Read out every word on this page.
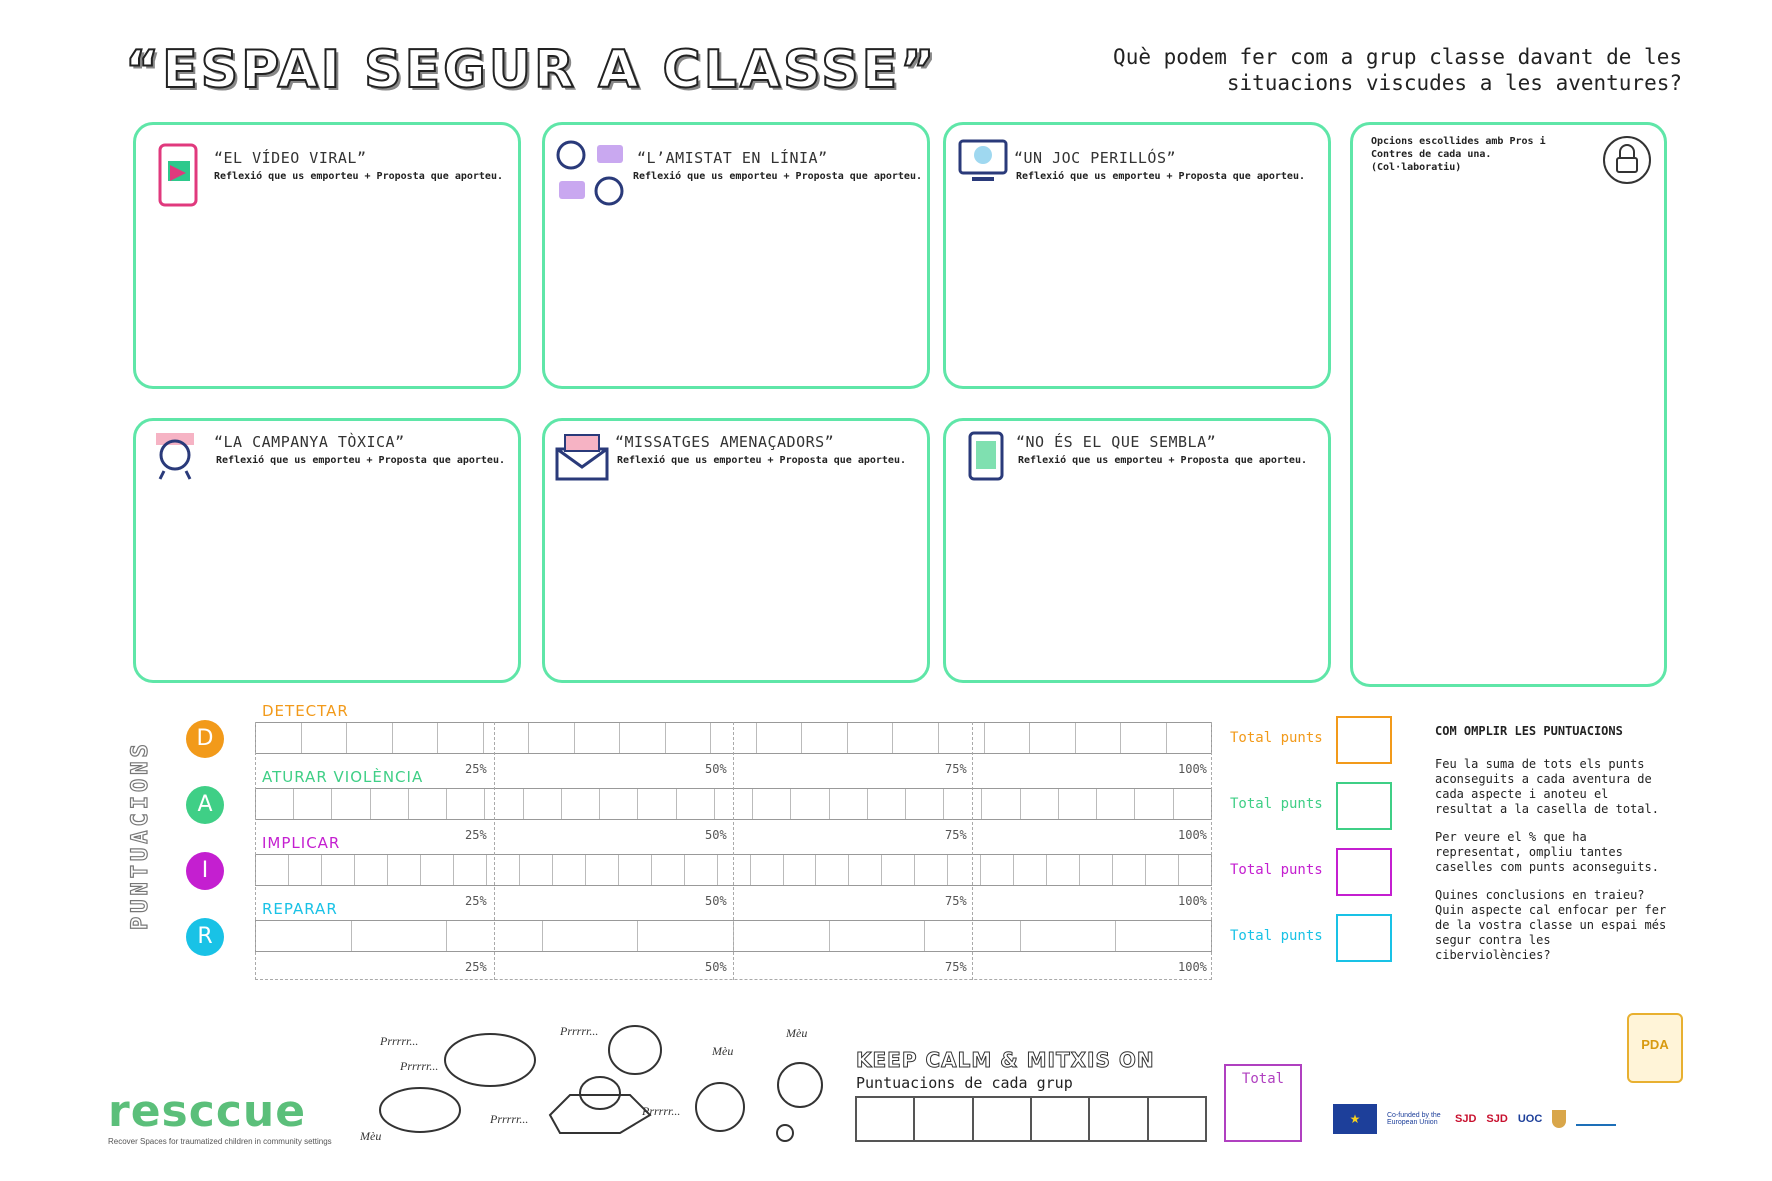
“ESPAI SEGUR A CLASSE”	Què podem fer com a grup classe davant de les
situacions viscudes a les aventures?
“EL VÍDEO VIRAL”
Reflexió que us emporteu + Proposta que aporteu.
“L’AMISTAT EN LÍNIA”
Reflexió que us emporteu + Proposta que aporteu.
“UN JOC PERILLÓS”
Reflexió que us emporteu + Proposta que aporteu.
Opcions escollides amb Pros i
Contres de cada una.
(Col·laboratiu)
“LA CAMPANYA TÒXICA”
Reflexió que us emporteu + Proposta que aporteu.
“MISSATGES AMENAÇADORS”
Reflexió que us emporteu + Proposta que aporteu.
“NO ÉS EL QUE SEMBLA”
Reflexió que us emporteu + Proposta que aporteu.
PUNTUACIONS
D
DETECTAR
25%	50%	75%	100%
Total punts
A
ATURAR VIOLÈNCIA
25%	50%	75%	100%
Total punts
I
IMPLICAR
25%	50%	75%	100%
Total punts
R
REPARAR
25%	50%	75%	100%
Total punts
COM OMPLIR LES PUNTUACIONS

Feu la suma de tots els punts aconseguits a cada aventura de cada aspecte i anoteu el resultat a la casella de total.

Per veure el % que ha representat, ompliu tantes caselles com punts aconseguits.

Quines conclusions en traieu? Quin aspecte cal enfocar per fer de la vostra classe un espai més segur contra les ciberviolències?

resccue
Recover Spaces for traumatized children in community settings
Prrrrr...
Prrrrr...
Prrrrr...
Prrrrr...
Prrrrr...
Mèu
Mèu
Mèu
KEEP CALM & MITXIS ON
Puntuacions de cada grup	Total
PDA
★	Co-funded by the European Union	SJD SJD UOC
